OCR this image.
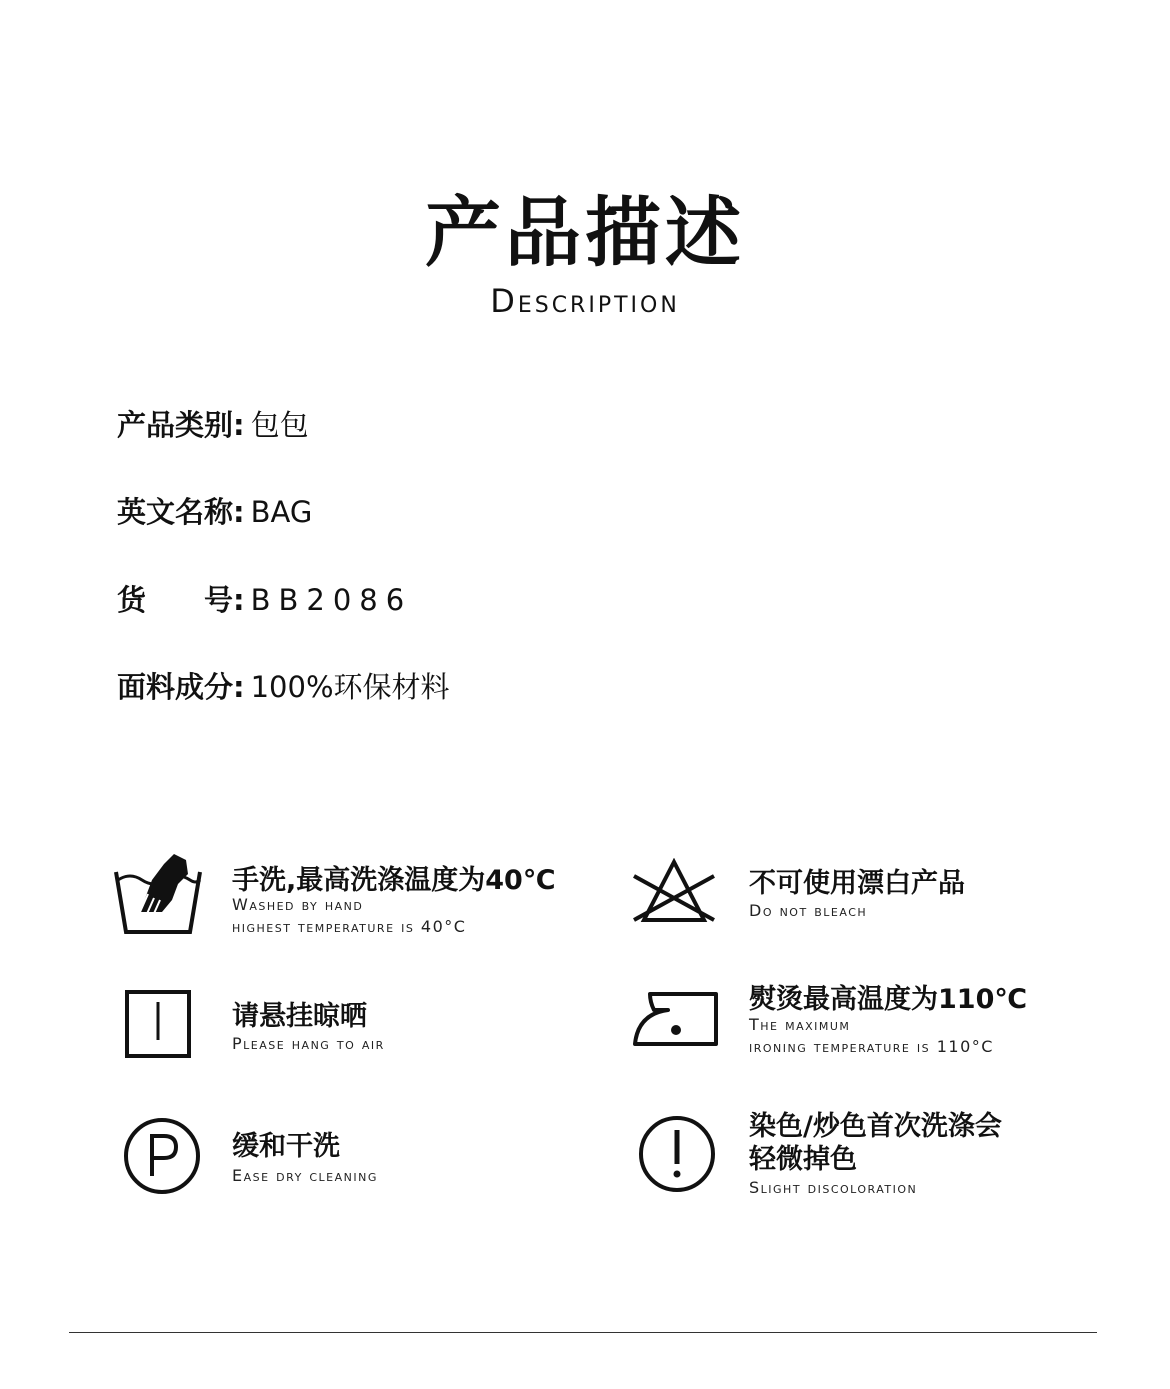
产品描述
Description
产品类别: 包包
英文名称: BAG
货　　号: BB2086
面料成分: 100%环保材料
手洗,最高洗涤温度为40℃
Washed by hand
highest temperature is 40°C
不可使用漂白产品
Do not bleach
请悬挂晾晒
Please hang to air
熨烫最高温度为110℃
The maximum
ironing temperature is 110°C
缓和干洗
Ease dry cleaning
染色/炒色首次洗涤会
轻微掉色
Slight discoloration
